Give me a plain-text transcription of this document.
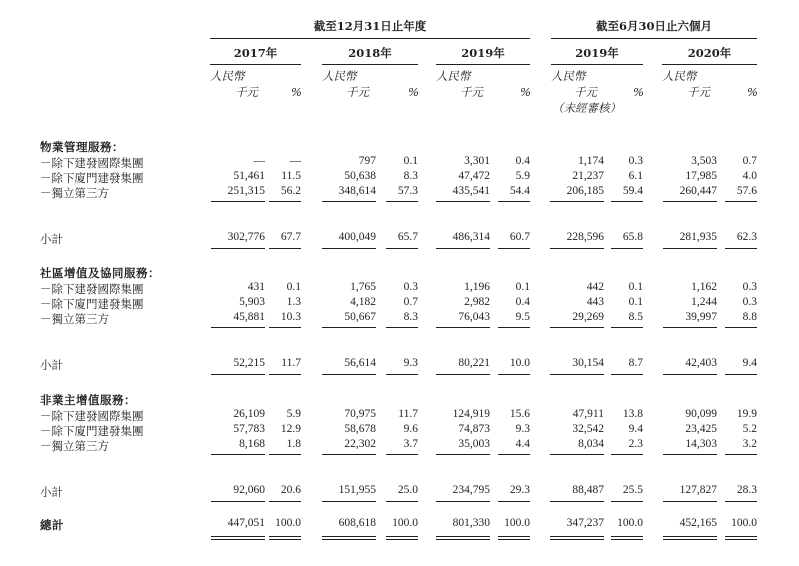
截至12月31日止年度	截至6月30日止六個月
2017年
人民幣
千元	%
2018年
人民幣
千元	%
2019年
人民幣
千元	%
2019年
人民幣
千元	%
2020年
人民幣
千元	%
（未經審核）
物業管理服務：
－除下建發國際集團	—	—	797	0.1	3,301	0.4	1,174	0.3	3,503	0.7
－除下廈門建發集團	51,461	11.5	50,638	8.3	47,472	5.9	21,237	6.1	17,985	4.0
－獨立第三方	251,315	56.2	348,614	57.3	435,541	54.4	206,185	59.4	260,447	57.6
小計	302,776	67.7	400,049	65.7	486,314	60.7	228,596	65.8	281,935	62.3
社區增值及協同服務：
－除下建發國際集團	431	0.1	1,765	0.3	1,196	0.1	442	0.1	1,162	0.3
－除下廈門建發集團	5,903	1.3	4,182	0.7	2,982	0.4	443	0.1	1,244	0.3
－獨立第三方	45,881	10.3	50,667	8.3	76,043	9.5	29,269	8.5	39,997	8.8
小計	52,215	11.7	56,614	9.3	80,221	10.0	30,154	8.7	42,403	9.4
非業主增值服務：
－除下建發國際集團	26,109	5.9	70,975	11.7	124,919	15.6	47,911	13.8	90,099	19.9
－除下廈門建發集團	57,783	12.9	58,678	9.6	74,873	9.3	32,542	9.4	23,425	5.2
－獨立第三方	8,168	1.8	22,302	3.7	35,003	4.4	8,034	2.3	14,303	3.2
小計	92,060	20.6	151,955	25.0	234,795	29.3	88,487	25.5	127,827	28.3
總計	447,051 100.0	608,618	100.0	801,330	100.0	347,237	100.0	452,165	100.0
